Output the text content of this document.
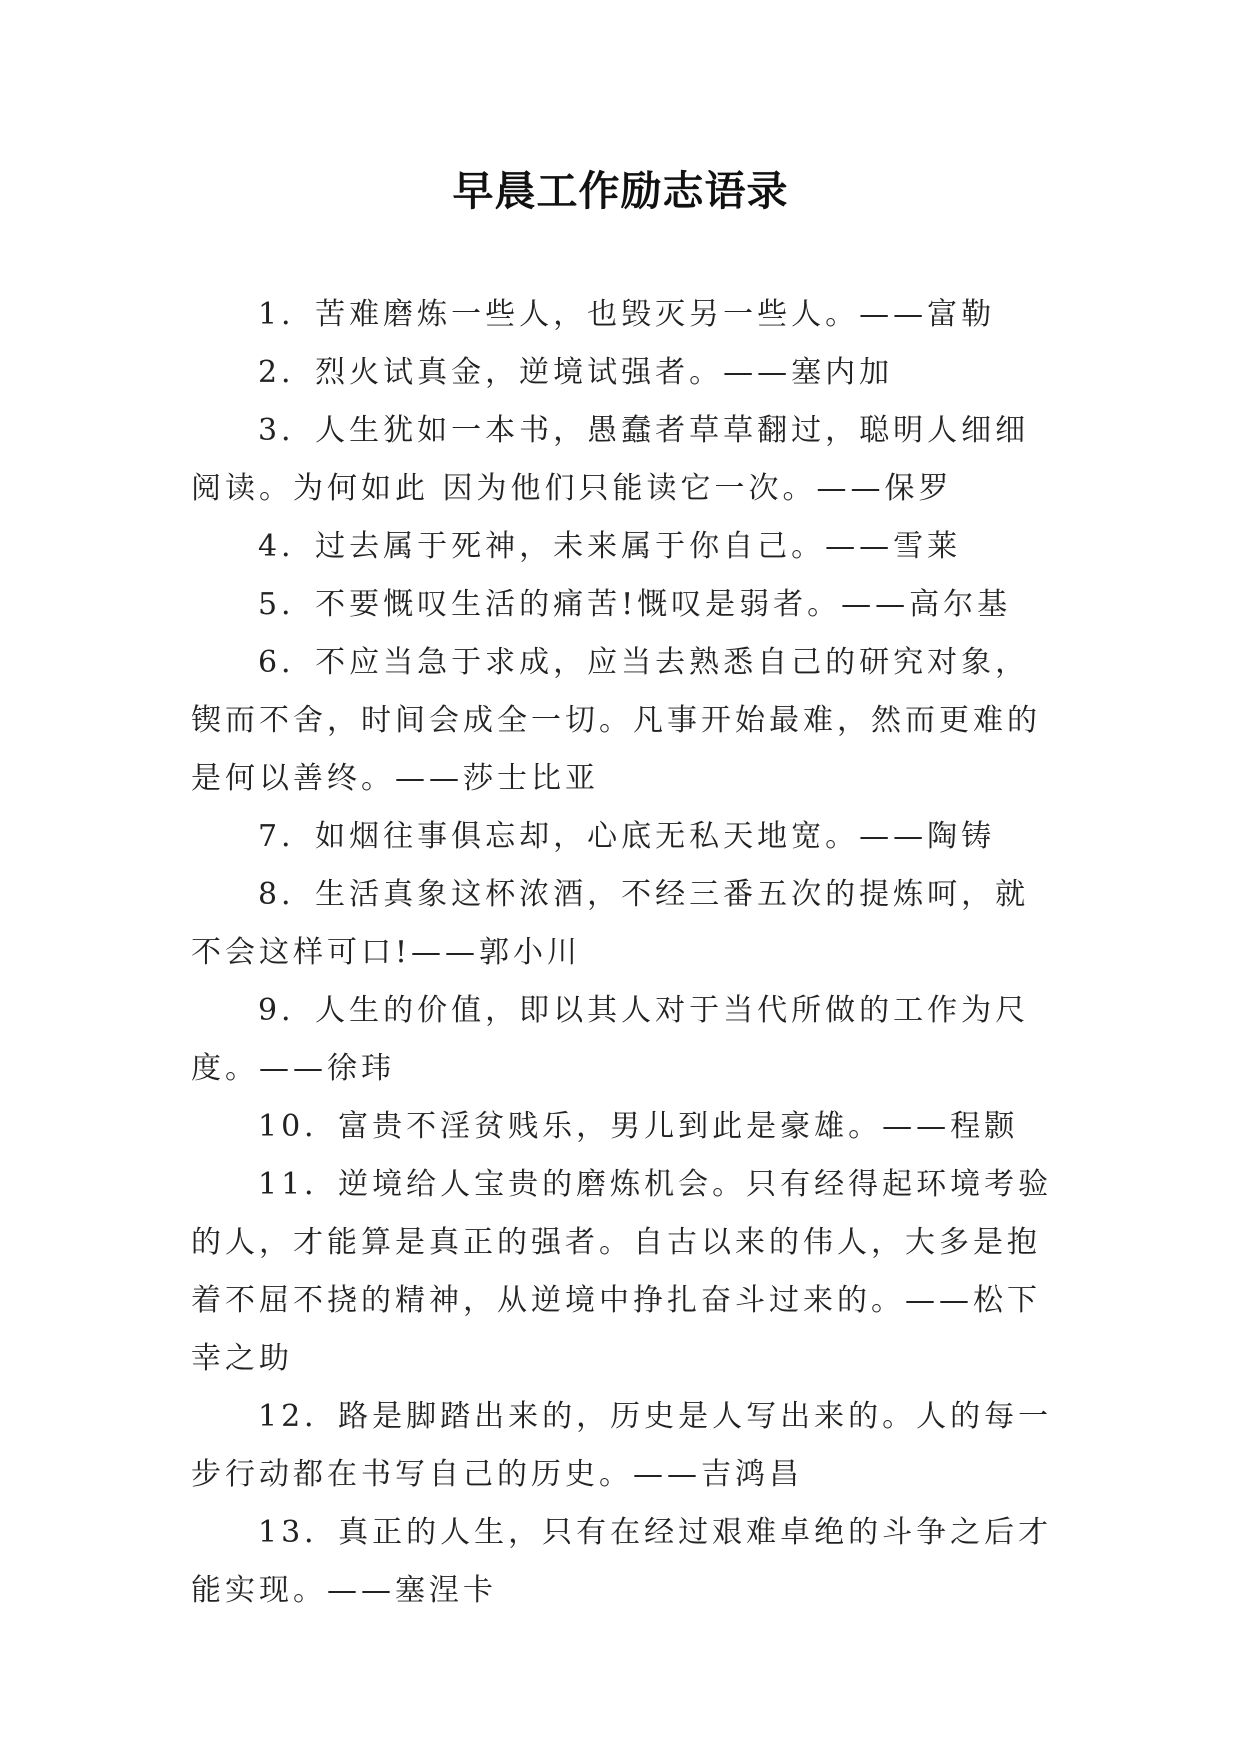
早晨工作励志语录

1．苦难磨炼一些人，也毁灭另一些人。——富勒

2．烈火试真金，逆境试强者。——塞内加

3．人生犹如一本书，愚蠢者草草翻过，聪明人细细阅读。为何如此 因为他们只能读它一次。——保罗

4．过去属于死神，未来属于你自己。——雪莱

5．不要慨叹生活的痛苦!慨叹是弱者。——高尔基

6．不应当急于求成，应当去熟悉自己的研究对象，锲而不舍，时间会成全一切。凡事开始最难，然而更难的是何以善终。——莎士比亚

7．如烟往事俱忘却，心底无私天地宽。——陶铸

8．生活真象这杯浓酒，不经三番五次的提炼呵，就不会这样可口!——郭小川

9．人生的价值，即以其人对于当代所做的工作为尺度。——徐玮

10．富贵不淫贫贱乐，男儿到此是豪雄。——程颢

11．逆境给人宝贵的磨炼机会。只有经得起环境考验的人，才能算是真正的强者。自古以来的伟人，大多是抱着不屈不挠的精神，从逆境中挣扎奋斗过来的。——松下幸之助

12．路是脚踏出来的，历史是人写出来的。人的每一步行动都在书写自己的历史。——吉鸿昌

13．真正的人生，只有在经过艰难卓绝的斗争之后才能实现。——塞涅卡
